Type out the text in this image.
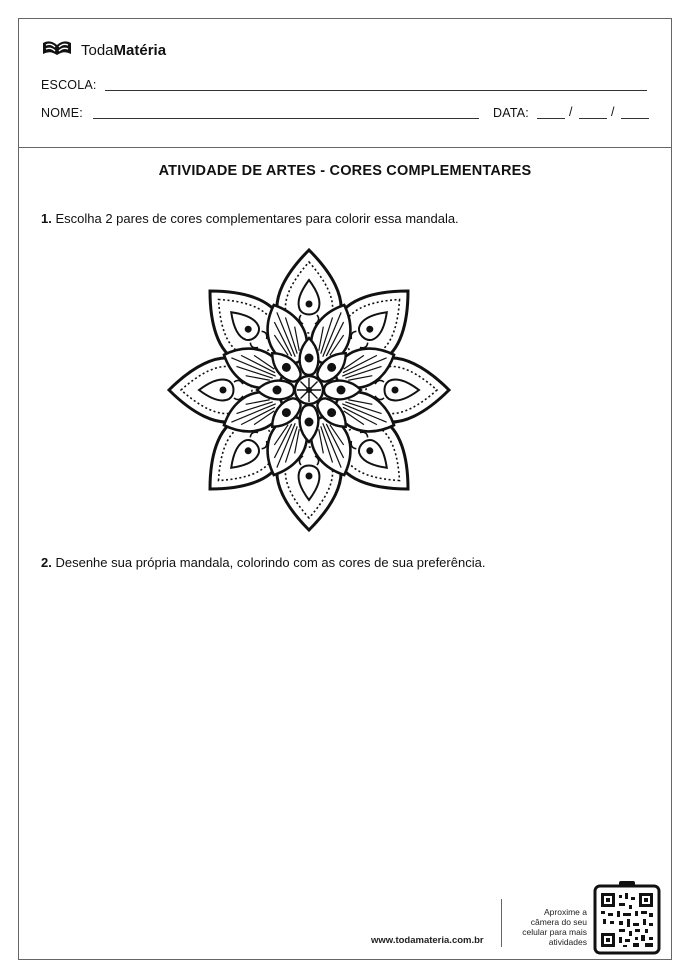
TodaMatéria
ESCOLA:
NOME:	DATA:	/	/
ATIVIDADE DE ARTES - CORES COMPLEMENTARES
1. Escolha 2 pares de cores complementares para colorir essa mandala.
2. Desenhe sua própria mandala, colorindo com as cores de sua preferência.
www.todamateria.com.br
Aproxime a
câmera do seu
celular para mais
atividades
